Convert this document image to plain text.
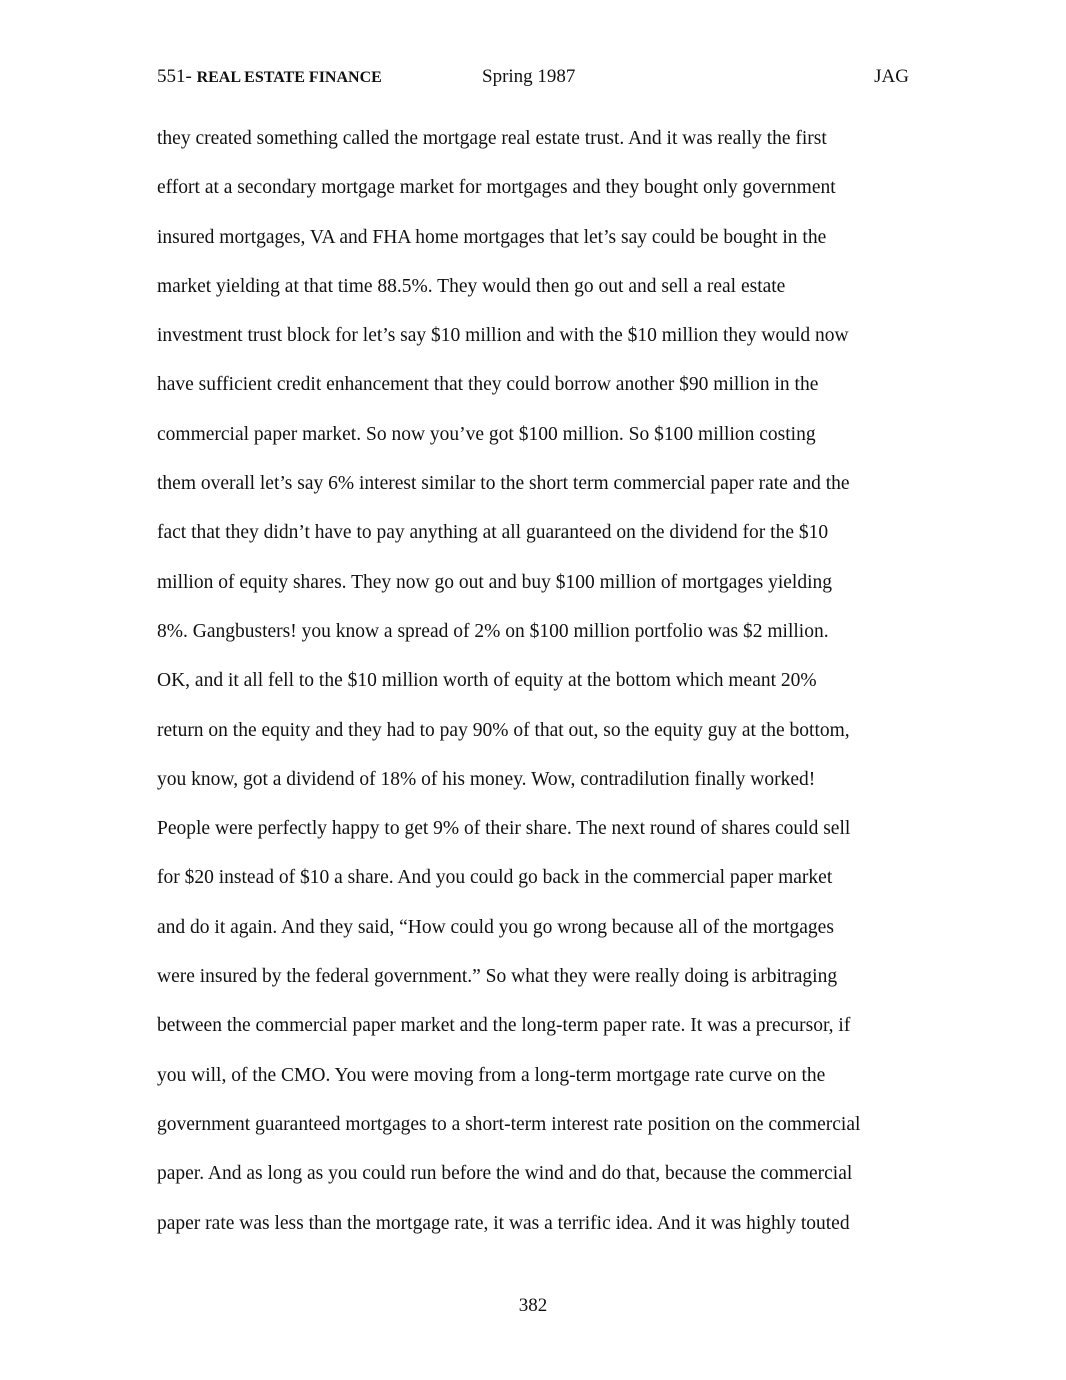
551- REAL ESTATE FINANCE	Spring 1987	JAG
they created something called the mortgage real estate trust. And it was really the first
effort at a secondary mortgage market for mortgages and they bought only government
insured mortgages, VA and FHA home mortgages that let’s say could be bought in the
market yielding at that time 88.5%. They would then go out and sell a real estate
investment trust block for let’s say $10 million and with the $10 million they would now
have sufficient credit enhancement that they could borrow another $90 million in the
commercial paper market. So now you’ve got $100 million. So $100 million costing
them overall let’s say 6% interest similar to the short term commercial paper rate and the
fact that they didn’t have to pay anything at all guaranteed on the dividend for the $10
million of equity shares. They now go out and buy $100 million of mortgages yielding
8%. Gangbusters! you know a spread of 2% on $100 million portfolio was $2 million.
OK, and it all fell to the $10 million worth of equity at the bottom which meant 20%
return on the equity and they had to pay 90% of that out, so the equity guy at the bottom,
you know, got a dividend of 18% of his money. Wow, contradilution finally worked!
People were perfectly happy to get 9% of their share. The next round of shares could sell
for $20 instead of $10 a share. And you could go back in the commercial paper market
and do it again. And they said, “How could you go wrong because all of the mortgages
were insured by the federal government.” So what they were really doing is arbitraging
between the commercial paper market and the long-term paper rate. It was a precursor, if
you will, of the CMO. You were moving from a long-term mortgage rate curve on the
government guaranteed mortgages to a short-term interest rate position on the commercial
paper. And as long as you could run before the wind and do that, because the commercial
paper rate was less than the mortgage rate, it was a terrific idea. And it was highly touted
382
